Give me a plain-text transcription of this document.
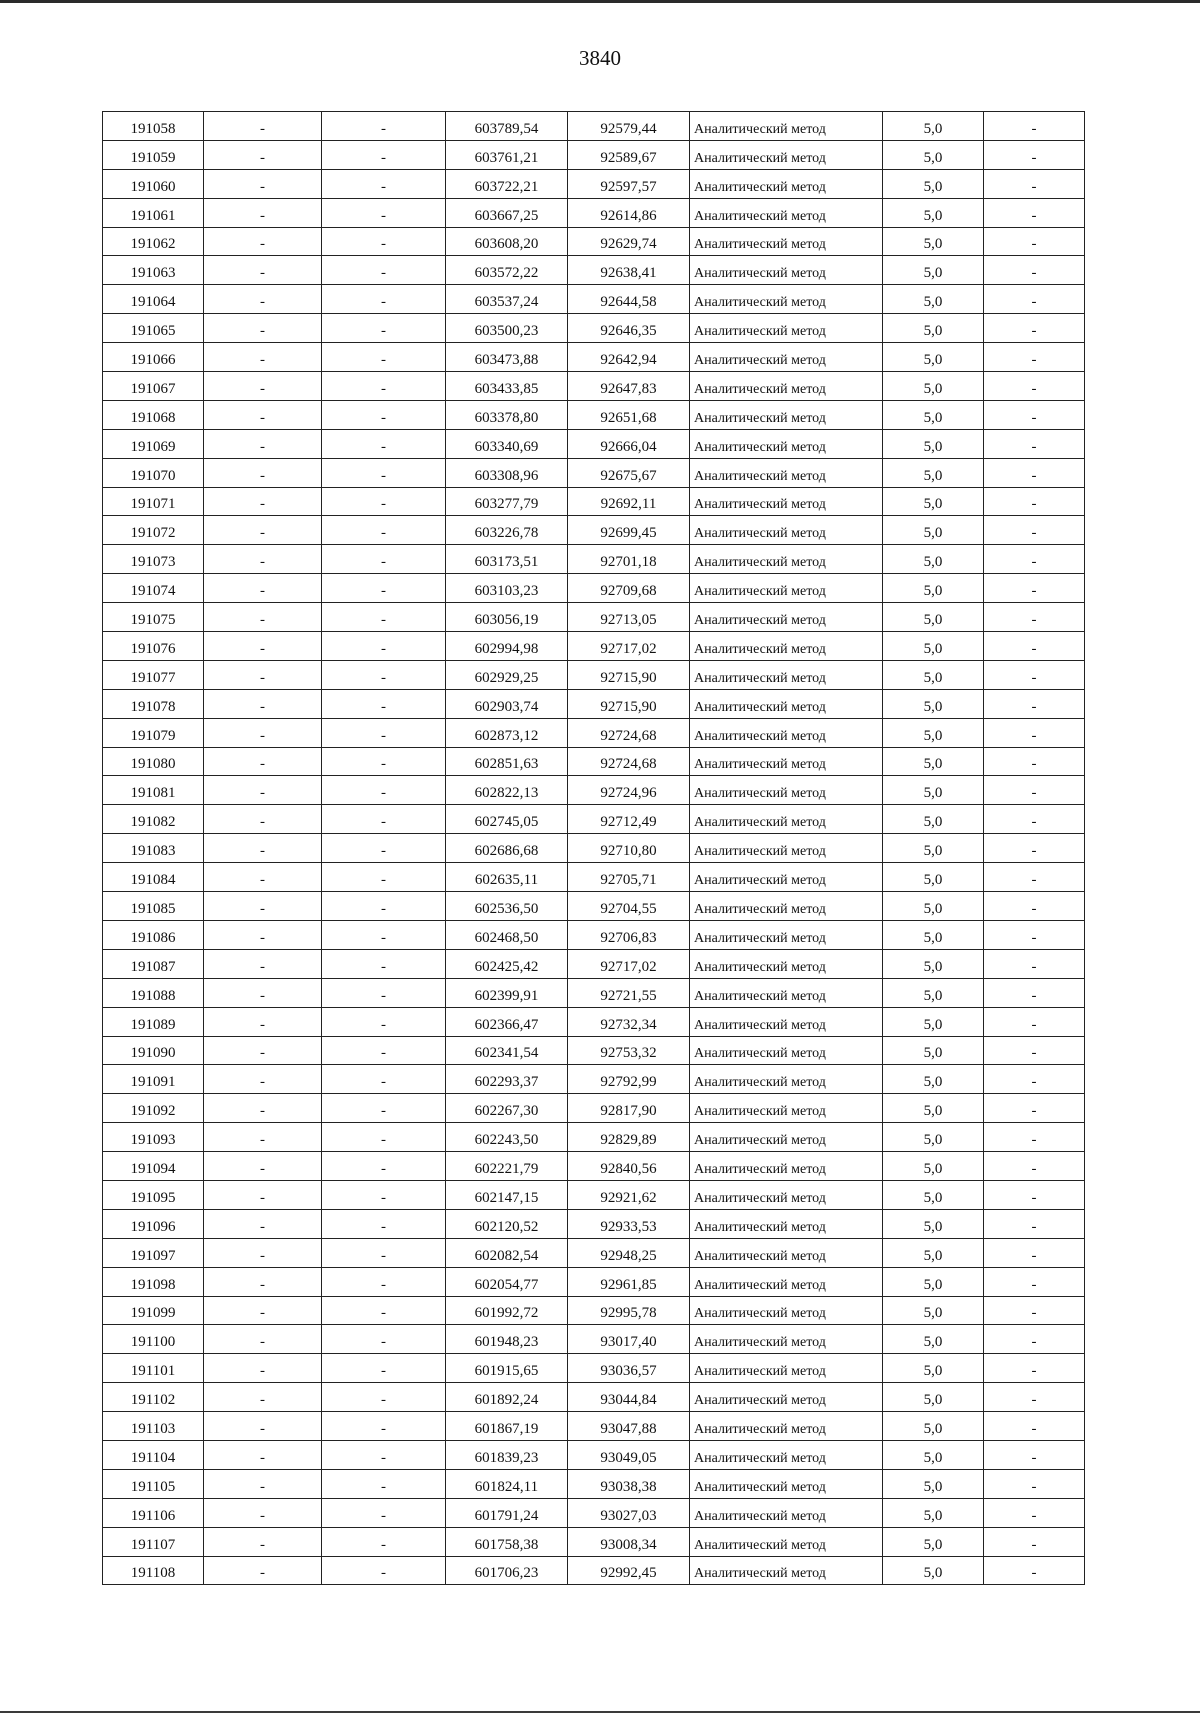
3840
191058	-	-	603789,54	92579,44	Аналитический метод	5,0	-
191059	-	-	603761,21	92589,67	Аналитический метод	5,0	-
191060	-	-	603722,21	92597,57	Аналитический метод	5,0	-
191061	-	-	603667,25	92614,86	Аналитический метод	5,0	-
191062	-	-	603608,20	92629,74	Аналитический метод	5,0	-
191063	-	-	603572,22	92638,41	Аналитический метод	5,0	-
191064	-	-	603537,24	92644,58	Аналитический метод	5,0	-
191065	-	-	603500,23	92646,35	Аналитический метод	5,0	-
191066	-	-	603473,88	92642,94	Аналитический метод	5,0	-
191067	-	-	603433,85	92647,83	Аналитический метод	5,0	-
191068	-	-	603378,80	92651,68	Аналитический метод	5,0	-
191069	-	-	603340,69	92666,04	Аналитический метод	5,0	-
191070	-	-	603308,96	92675,67	Аналитический метод	5,0	-
191071	-	-	603277,79	92692,11	Аналитический метод	5,0	-
191072	-	-	603226,78	92699,45	Аналитический метод	5,0	-
191073	-	-	603173,51	92701,18	Аналитический метод	5,0	-
191074	-	-	603103,23	92709,68	Аналитический метод	5,0	-
191075	-	-	603056,19	92713,05	Аналитический метод	5,0	-
191076	-	-	602994,98	92717,02	Аналитический метод	5,0	-
191077	-	-	602929,25	92715,90	Аналитический метод	5,0	-
191078	-	-	602903,74	92715,90	Аналитический метод	5,0	-
191079	-	-	602873,12	92724,68	Аналитический метод	5,0	-
191080	-	-	602851,63	92724,68	Аналитический метод	5,0	-
191081	-	-	602822,13	92724,96	Аналитический метод	5,0	-
191082	-	-	602745,05	92712,49	Аналитический метод	5,0	-
191083	-	-	602686,68	92710,80	Аналитический метод	5,0	-
191084	-	-	602635,11	92705,71	Аналитический метод	5,0	-
191085	-	-	602536,50	92704,55	Аналитический метод	5,0	-
191086	-	-	602468,50	92706,83	Аналитический метод	5,0	-
191087	-	-	602425,42	92717,02	Аналитический метод	5,0	-
191088	-	-	602399,91	92721,55	Аналитический метод	5,0	-
191089	-	-	602366,47	92732,34	Аналитический метод	5,0	-
191090	-	-	602341,54	92753,32	Аналитический метод	5,0	-
191091	-	-	602293,37	92792,99	Аналитический метод	5,0	-
191092	-	-	602267,30	92817,90	Аналитический метод	5,0	-
191093	-	-	602243,50	92829,89	Аналитический метод	5,0	-
191094	-	-	602221,79	92840,56	Аналитический метод	5,0	-
191095	-	-	602147,15	92921,62	Аналитический метод	5,0	-
191096	-	-	602120,52	92933,53	Аналитический метод	5,0	-
191097	-	-	602082,54	92948,25	Аналитический метод	5,0	-
191098	-	-	602054,77	92961,85	Аналитический метод	5,0	-
191099	-	-	601992,72	92995,78	Аналитический метод	5,0	-
191100	-	-	601948,23	93017,40	Аналитический метод	5,0	-
191101	-	-	601915,65	93036,57	Аналитический метод	5,0	-
191102	-	-	601892,24	93044,84	Аналитический метод	5,0	-
191103	-	-	601867,19	93047,88	Аналитический метод	5,0	-
191104	-	-	601839,23	93049,05	Аналитический метод	5,0	-
191105	-	-	601824,11	93038,38	Аналитический метод	5,0	-
191106	-	-	601791,24	93027,03	Аналитический метод	5,0	-
191107	-	-	601758,38	93008,34	Аналитический метод	5,0	-
191108	-	-	601706,23	92992,45	Аналитический метод	5,0	-
